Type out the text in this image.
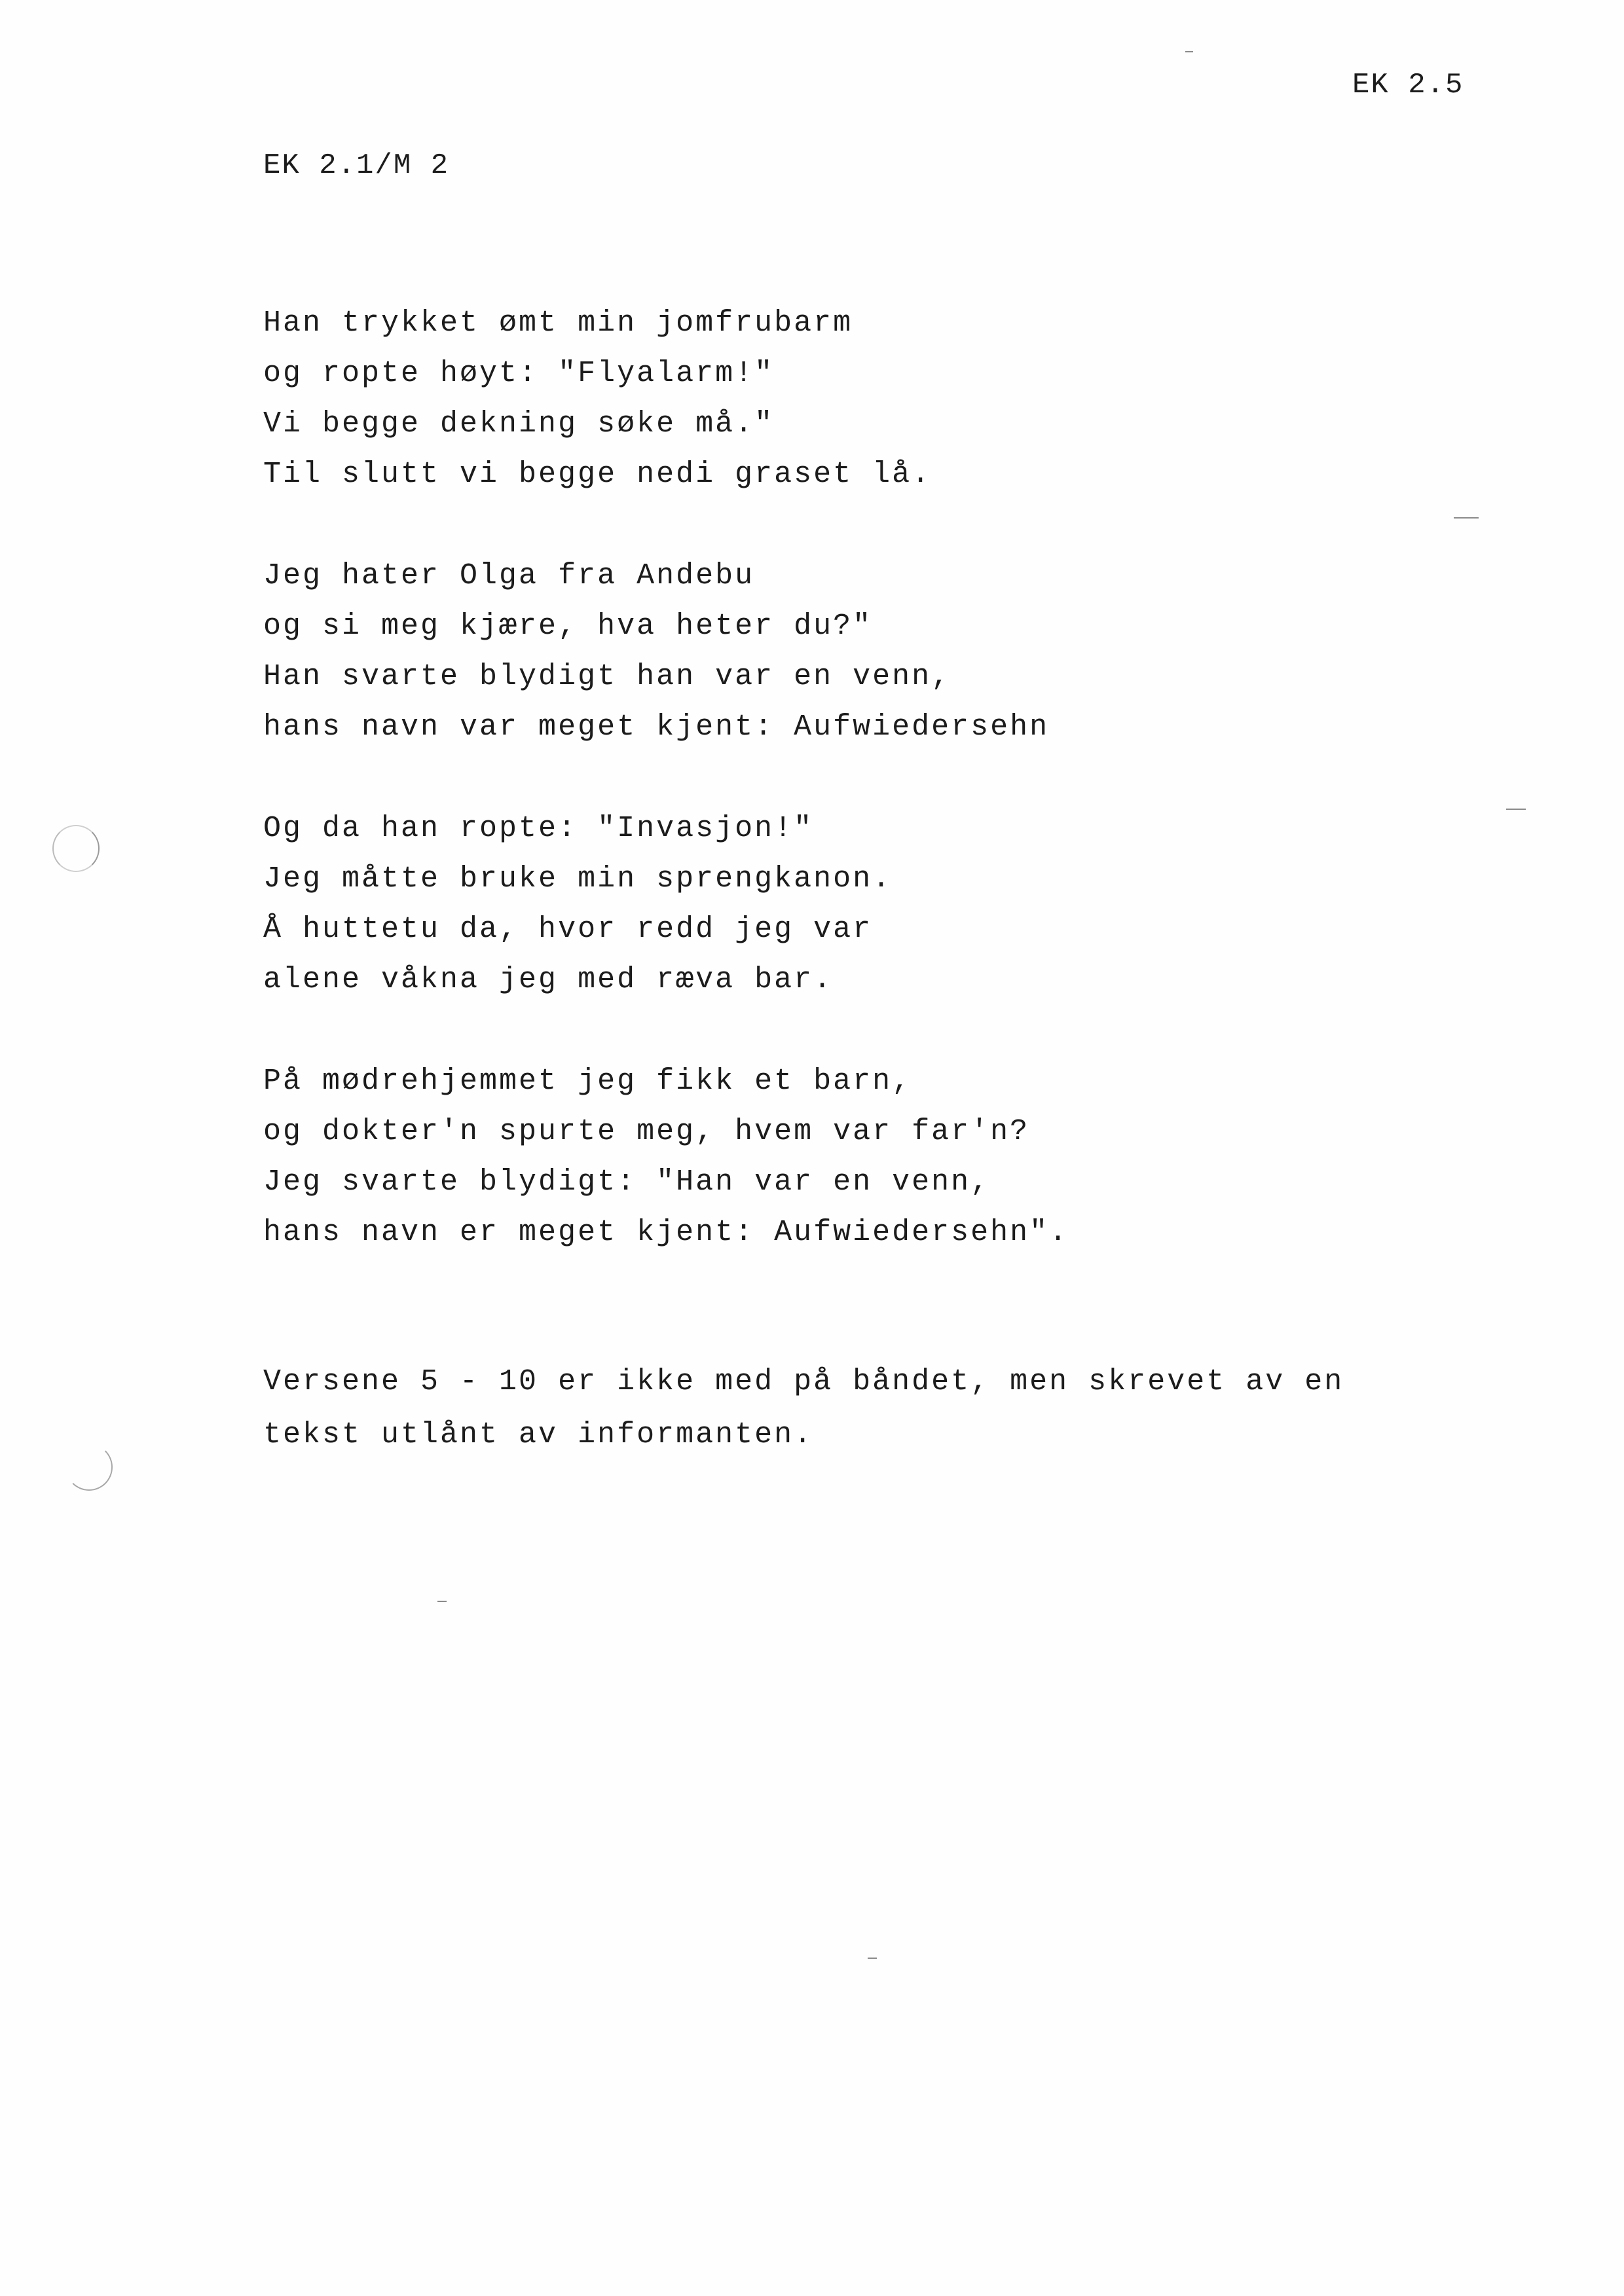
EK 2.5
EK 2.1/M 2
Han trykket ømt min jomfrubarm
og ropte høyt: "Flyalarm!"
Vi begge dekning søke må."
Til slutt vi begge nedi graset lå.
Jeg hater Olga fra Andebu
og si meg kjære, hva heter du?"
Han svarte blydigt han var en venn,
hans navn var meget kjent: Aufwiedersehn
Og da han ropte: "Invasjon!"
Jeg måtte bruke min sprengkanon.
Å huttetu da, hvor redd jeg var
alene våkna jeg med ræva bar.
På mødrehjemmet jeg fikk et barn,
og dokter'n spurte meg, hvem var far'n?
Jeg svarte blydigt: "Han var en venn,
hans navn er meget kjent: Aufwiedersehn".
Versene 5 - 10 er ikke med på båndet, men skrevet av en
tekst utlånt av informanten.
